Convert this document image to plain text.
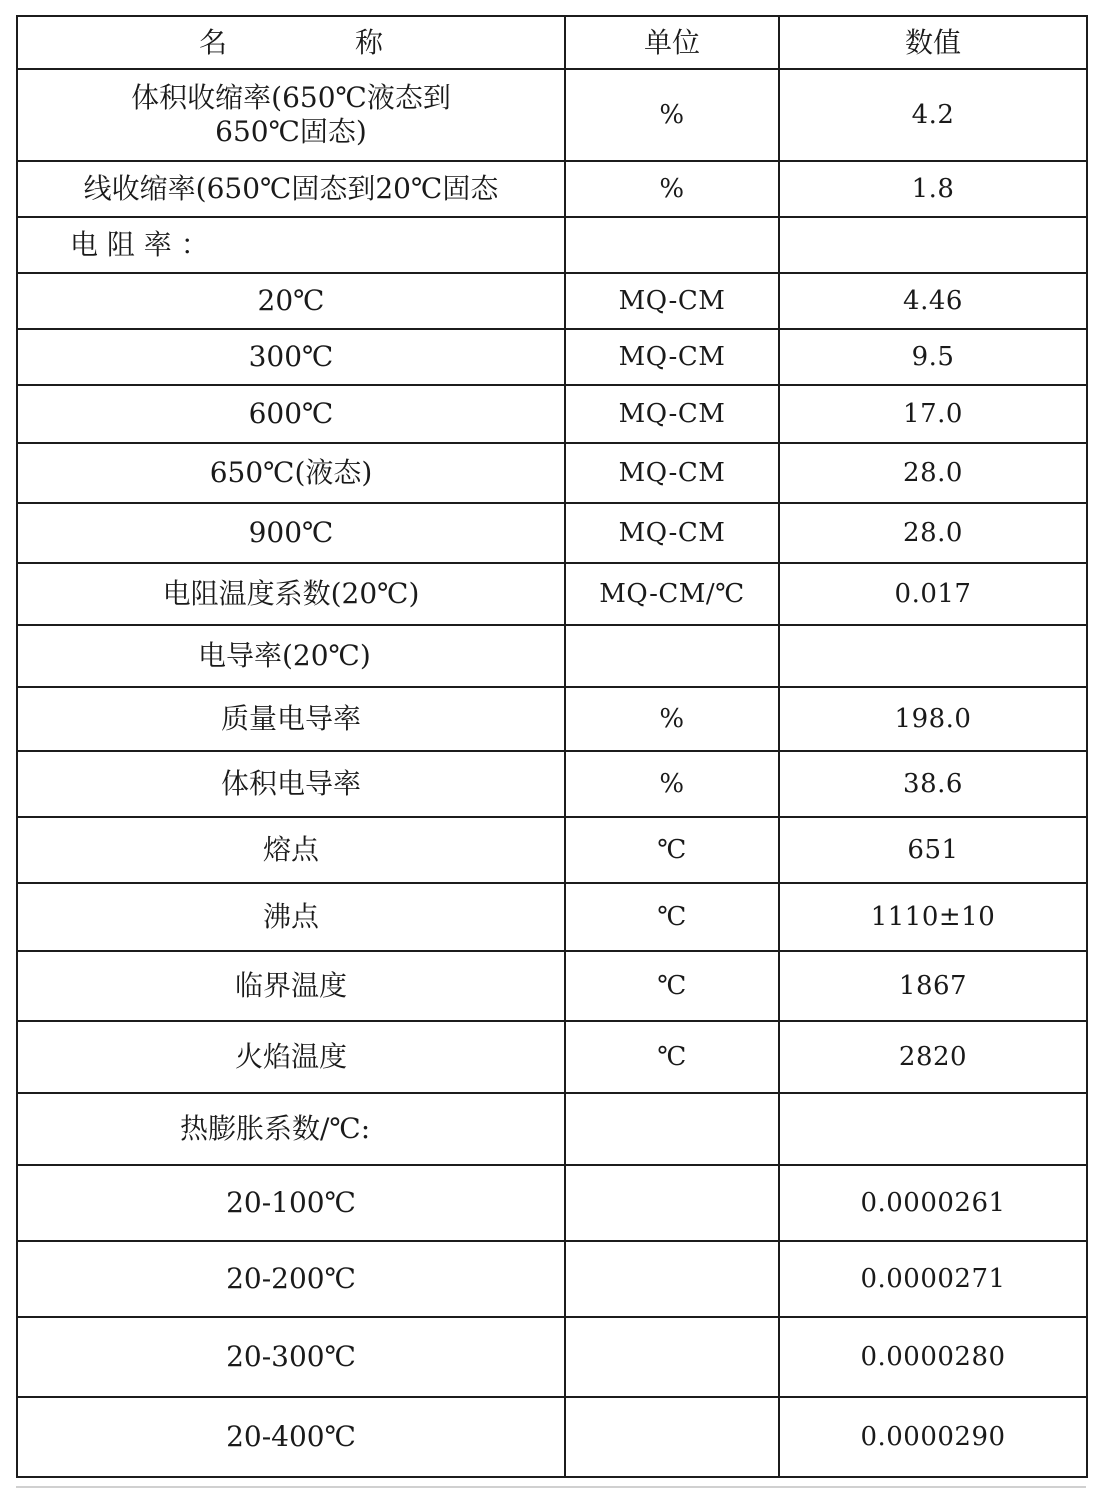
名 称	单位	数值
体积收缩率(650℃液态到
650℃固态)	%	4.2
线收缩率(650℃固态到20℃固态	%	1.8
电 阻 率 ：		
20℃	MQ-CM	4.46
300℃	MQ-CM	9.5
600℃	MQ-CM	17.0
650℃(液态)	MQ-CM	28.0
900℃	MQ-CM	28.0
电阻温度系数(20℃)	MQ-CM/℃	0.017
电导率(20℃)		
质量电导率	%	198.0
体积电导率	%	38.6
熔点	℃	651
沸点	℃	1110±10
临界温度	℃	1867
火焰温度	℃	2820
热膨胀系数/℃:		
20-100℃		0.0000261
20-200℃		0.0000271
20-300℃		0.0000280
20-400℃		0.0000290
